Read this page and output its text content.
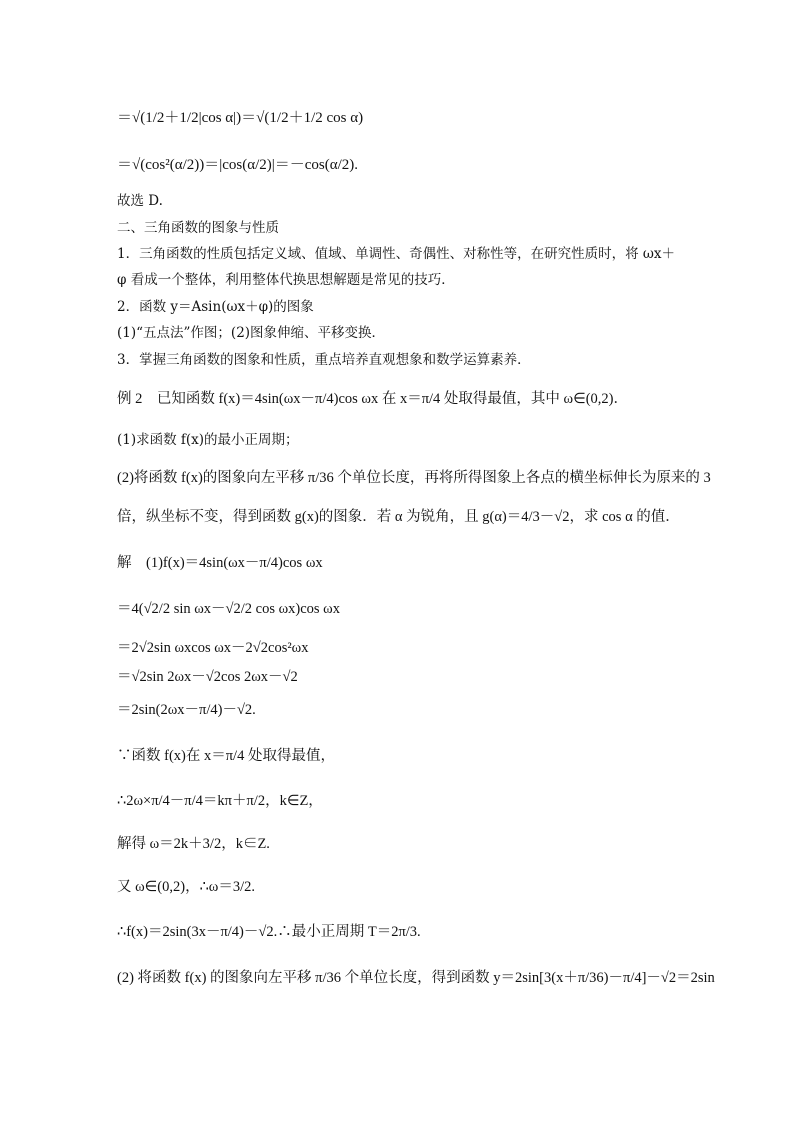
＝√(1/2＋1/2|cos α|)＝√(1/2＋1/2 cos α)
＝√(cos²(α/2))＝|cos(α/2)|＝－cos(α/2).
故选 D.
二、三角函数的图象与性质
1．三角函数的性质包括定义域、值域、单调性、奇偶性、对称性等，在研究性质时，将 ωx＋
φ 看成一个整体，利用整体代换思想解题是常见的技巧．
2．函数 y＝Asin(ωx＋φ)的图象
(1)“五点法”作图；(2)图象伸缩、平移变换．
3．掌握三角函数的图象和性质，重点培养直观想象和数学运算素养．
例 2　已知函数 f(x)＝4sin(ωx－π/4)cos ωx 在 x＝π/4 处取得最值，其中 ω∈(0,2)．
(1)求函数 f(x)的最小正周期；
(2)将函数 f(x)的图象向左平移 π/36 个单位长度，再将所得图象上各点的横坐标伸长为原来的 3
倍，纵坐标不变，得到函数 g(x)的图象．若 α 为锐角，且 g(α)＝4/3－√2，求 cos α 的值．
解　(1)f(x)＝4sin(ωx－π/4)cos ωx
＝4(√2/2 sin ωx－√2/2 cos ωx)cos ωx
＝2√2sin ωxcos ωx－2√2cos²ωx
＝√2sin 2ωx－√2cos 2ωx－√2
＝2sin(2ωx－π/4)－√2.
∵函数 f(x)在 x＝π/4 处取得最值，
∴2ω×π/4－π/4＝kπ＋π/2，k∈Z，
解得 ω＝2k＋3/2，k∈Z.
又 ω∈(0,2)，∴ω＝3/2.
∴f(x)＝2sin(3x－π/4)－√2.∴最小正周期 T＝2π/3.
(2) 将函数 f(x) 的图象向左平移 π/36 个单位长度，得到函数 y＝2sin[3(x＋π/36)－π/4]－√2＝2sin
